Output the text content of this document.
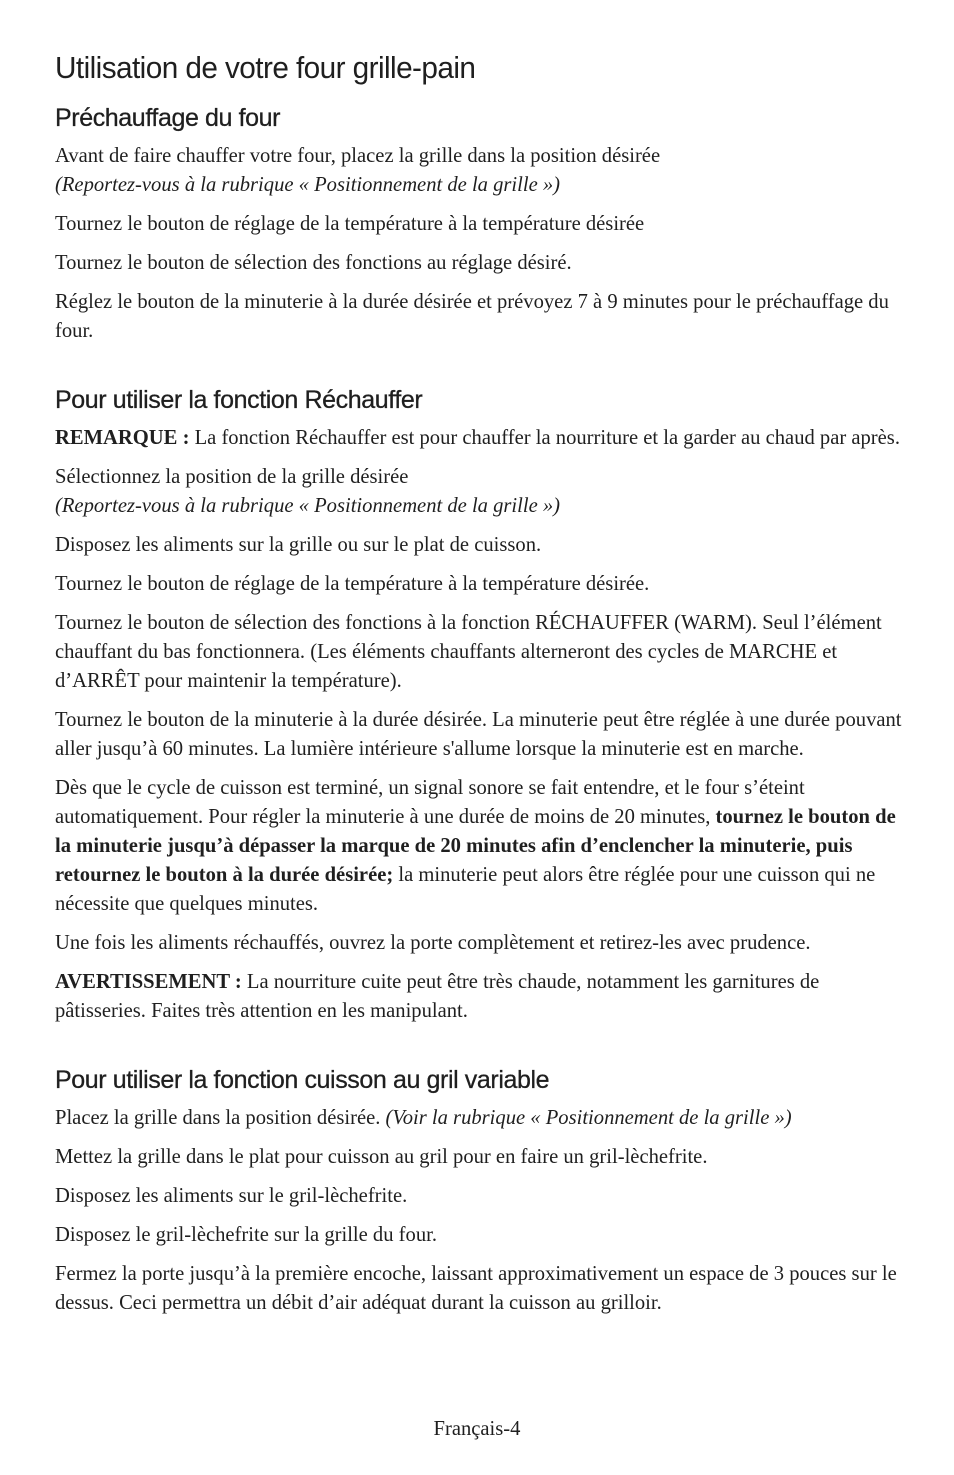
Utilisation de votre four grille-pain
Préchauffage du four

Avant de faire chauffer votre four, placez la grille dans la position désirée
(Reportez-vous à la rubrique « Positionnement de la grille »)

Tournez le bouton de réglage de la température à la température désirée

Tournez le bouton de sélection des fonctions au réglage désiré.

Réglez le bouton de la minuterie à la durée désirée et prévoyez 7 à 9 minutes pour le préchauffage du four.

Pour utiliser la fonction Réchauffer

REMARQUE : La fonction Réchauffer est pour chauffer la nourriture et la garder au chaud par après.

Sélectionnez la position de la grille désirée
(Reportez-vous à la rubrique « Positionnement de la grille »)

Disposez les aliments sur la grille ou sur le plat de cuisson.

Tournez le bouton de réglage de la température à la température désirée.

Tournez le bouton de sélection des fonctions à la fonction RÉCHAUFFER (WARM). Seul l’élément chauffant du bas fonctionnera. (Les éléments chauffants alterneront des cycles de MARCHE et d’ARRÊT pour maintenir la température).

Tournez le bouton de la minuterie à la durée désirée. La minuterie peut être réglée à une durée pouvant aller jusqu’à 60 minutes. La lumière intérieure s'allume lorsque la minuterie est en marche.

Dès que le cycle de cuisson est terminé, un signal sonore se fait entendre, et le four s’éteint automatiquement. Pour régler la minuterie à une durée de moins de 20 minutes, tournez le bouton de la minuterie jusqu’à dépasser la marque de 20 minutes afin d’enclencher la minuterie, puis retournez le bouton à la durée désirée; la minuterie peut alors être réglée pour une cuisson qui ne nécessite que quelques minutes.

Une fois les aliments réchauffés, ouvrez la porte complètement et retirez-les avec prudence.

AVERTISSEMENT : La nourriture cuite peut être très chaude, notamment les garnitures de pâtisseries. Faites très attention en les manipulant.

Pour utiliser la fonction cuisson au gril variable

Placez la grille dans la position désirée. (Voir la rubrique « Positionnement de la grille »)

Mettez la grille dans le plat pour cuisson au gril pour en faire un gril-lèchefrite.

Disposez les aliments sur le gril-lèchefrite.

Disposez le gril-lèchefrite sur la grille du four.

Fermez la porte jusqu’à la première encoche, laissant approximativement un espace de 3 pouces sur le dessus. Ceci permettra un débit d’air adéquat durant la cuisson au grilloir.

Français-4
